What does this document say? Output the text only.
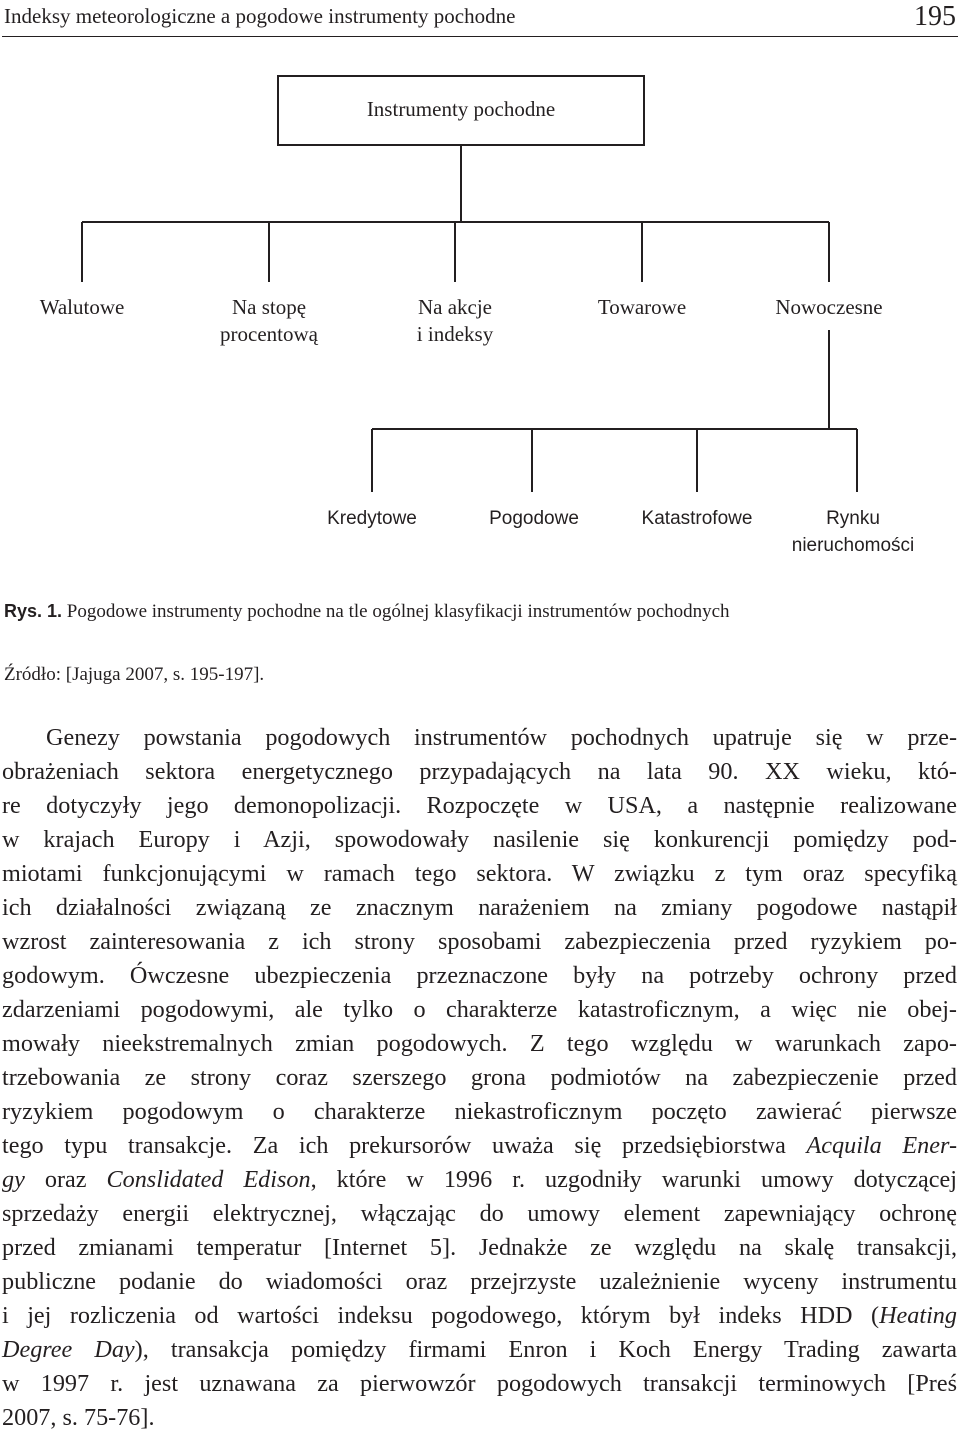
Indeksy meteorologiczne a pogodowe instrumenty pochodne	195
Instrumenty pochodne
Walutowe	Na stopę
procentową
Na akcje
i indeksy
Towarowe	Nowoczesne
Kredytowe	Pogodowe	Katastrofowe	Rynku
nieruchomości
Rys. 1. Pogodowe instrumenty pochodne na tle ogólnej klasyfikacji instrumentów pochodnych
Źródło: [Jajuga 2007, s. 195-197].
Genezy powstania pogodowych instrumentów pochodnych upatruje się w prze-
obrażeniach sektora energetycznego przypadających na lata 90. XX wieku, któ-
re dotyczyły jego demonopolizacji. Rozpoczęte w USA, a następnie realizowane
w krajach Europy i Azji, spowodowały nasilenie się konkurencji pomiędzy pod-
miotami funkcjonującymi w ramach tego sektora. W związku z tym oraz specyfiką
ich działalności związaną ze znacznym narażeniem na zmiany pogodowe nastąpił
wzrost zainteresowania z ich strony sposobami zabezpieczenia przed ryzykiem po-
godowym. Ówczesne ubezpieczenia przeznaczone były na potrzeby ochrony przed
zdarzeniami pogodowymi, ale tylko o charakterze katastroficznym, a więc nie obej-
mowały nieekstremalnych zmian pogodowych. Z tego względu w warunkach zapo-
trzebowania ze strony coraz szerszego grona podmiotów na zabezpieczenie przed
ryzykiem pogodowym o charakterze niekastroficznym poczęto zawierać pierwsze
tego typu transakcje. Za ich prekursorów uważa się przedsiębiorstwa Acquila Ener-
gy oraz Conslidated Edison, które w 1996 r. uzgodniły warunki umowy dotyczącej
sprzedaży energii elektrycznej, włączając do umowy element zapewniający ochronę
przed zmianami temperatur [Internet 5]. Jednakże ze względu na skalę transakcji,
publiczne podanie do wiadomości oraz przejrzyste uzależnienie wyceny instrumentu
i jej rozliczenia od wartości indeksu pogodowego, którym był indeks HDD (Heating
Degree Day), transakcja pomiędzy firmami Enron i Koch Energy Trading zawarta
w 1997 r. jest uznawana za pierwowzór pogodowych transakcji terminowych [Preś
2007, s. 75-76].
